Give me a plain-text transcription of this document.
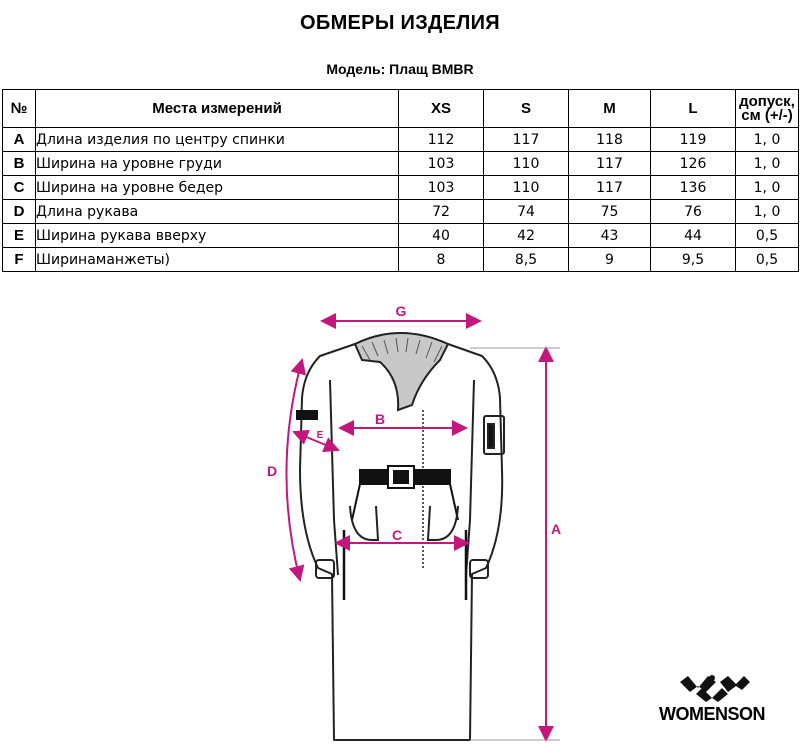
ОБМЕРЫ ИЗДЕЛИЯ
Модель: Плащ BMBR
№	Места измерений	XS	S	M	L	допуск,
см (+/-)
A	Длина изделия по центру спинки	112	117	118	119	1, 0
B	Ширина на уровне груди	103	110	117	126	1, 0
C	Ширина на уровне бедер	103	110	117	136	1, 0
D	Длина рукава	72	74	75	76	1, 0
E	Ширина рукава вверху	40	42	43	44	0,5
F	Ширинаманжеты)	8	8,5	9	9,5	0,5
G
B
C
E
D
A
WOMENSON
